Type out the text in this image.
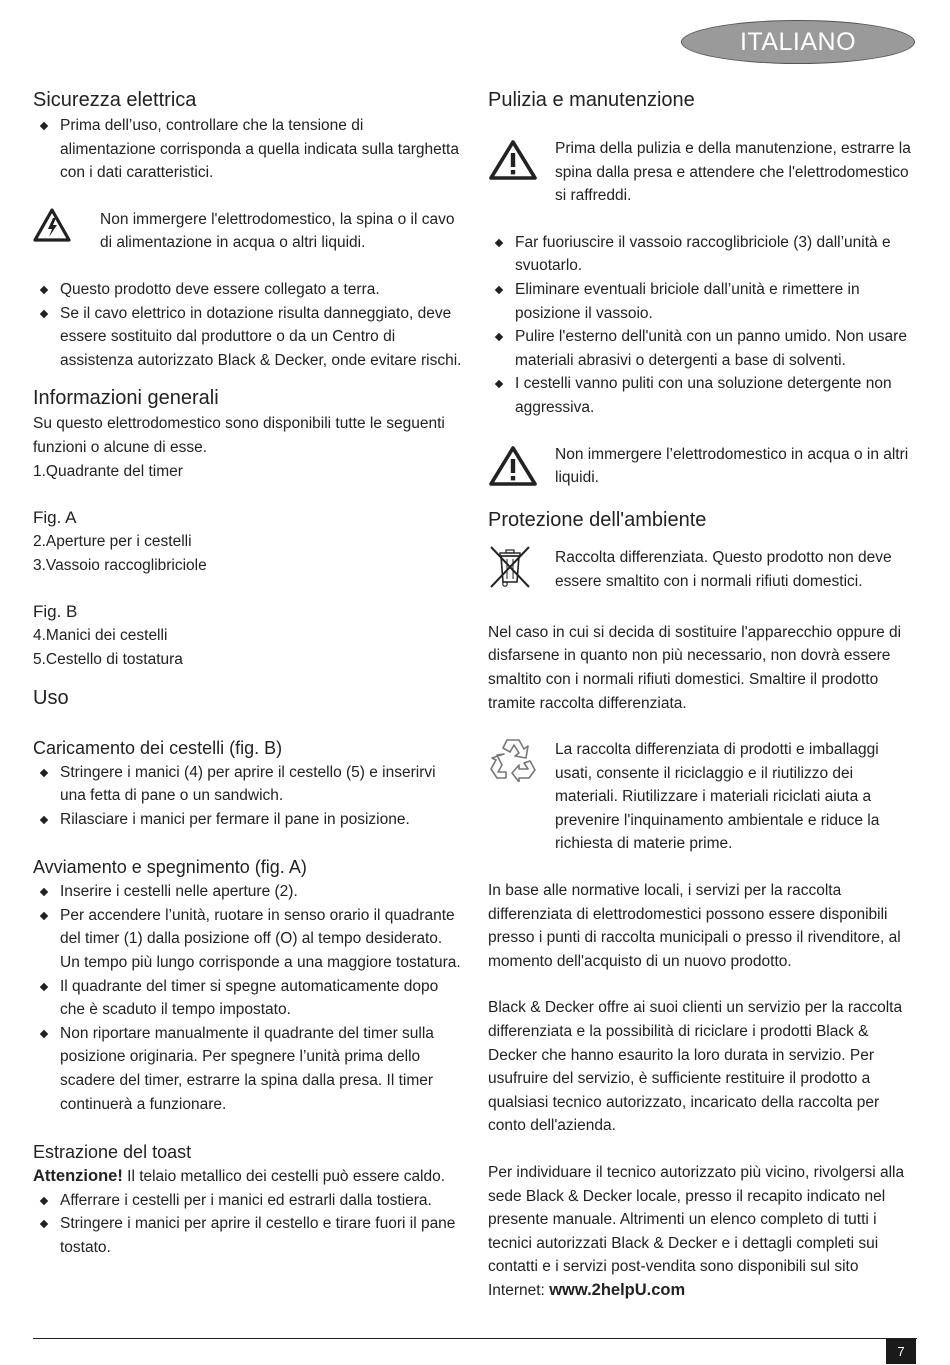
ITALIANO
Sicurezza elettrica
Prima dell’uso, controllare che la tensione di alimentazione corrisponda a quella indicata sulla targhetta con i dati caratteristici.
Non immergere l'elettrodomestico, la spina o il cavo di alimentazione in acqua o altri liquidi.
Questo prodotto deve essere collegato a terra.
Se il cavo elettrico in dotazione risulta danneggiato, deve essere sostituito dal produttore o da un Centro di assistenza autorizzato Black & Decker, onde evitare rischi.
Informazioni generali

Su questo elettrodomestico sono disponibili tutte le seguenti funzioni o alcune di esse.

1.Quadrante del timer

Fig. A

2.Aperture per i cestelli

3.Vassoio raccoglibriciole

Fig. B

4.Manici dei cestelli

5.Cestello di tostatura

Uso
Caricamento dei cestelli (fig. B)
Stringere i manici (4) per aprire il cestello (5) e inserirvi una fetta di pane o un sandwich.
Rilasciare i manici per fermare il pane in posizione.
Avviamento e spegnimento (fig. A)
Inserire i cestelli nelle aperture (2).
Per accendere l’unità, ruotare in senso orario il quadrante del timer (1) dalla posizione off (O) al tempo desiderato. Un tempo più lungo corrisponde a una maggiore tostatura.
Il quadrante del timer si spegne automaticamente dopo che è scaduto il tempo impostato.
Non riportare manualmente il quadrante del timer sulla posizione originaria. Per spegnere l’unità prima dello scadere del timer, estrarre la spina dalla presa. Il timer continuerà a funzionare.
Estrazione del toast

Attenzione! Il telaio metallico dei cestelli può essere caldo.

Afferrare i cestelli per i manici ed estrarli dalla tostiera.
Stringere i manici per aprire il cestello e tirare fuori il pane tostato.
Pulizia e manutenzione
Prima della pulizia e della manutenzione, estrarre la spina dalla presa e attendere che l'elettrodomestico si raffreddi.
Far fuoriuscire il vassoio raccoglibriciole (3) dall’unità e svuotarlo.
Eliminare eventuali briciole dall’unità e rimettere in posizione il vassoio.
Pulire l'esterno dell'unità con un panno umido. Non usare materiali abrasivi o detergenti a base di solventi.
I cestelli vanno puliti con una soluzione detergente non aggressiva.
Non immergere l’elettrodomestico in acqua o in altri liquidi.
Protezione dell'ambiente
Raccolta differenziata. Questo prodotto non deve essere smaltito con i normali rifiuti domestici.

Nel caso in cui si decida di sostituire l'apparecchio oppure di disfarsene in quanto non più necessario, non dovrà essere smaltito con i normali rifiuti domestici. Smaltire il prodotto tramite raccolta differenziata.

La raccolta differenziata di prodotti e imballaggi usati, consente il riciclaggio e il riutilizzo dei materiali. Riutilizzare i materiali riciclati aiuta a prevenire l'inquinamento ambientale e riduce la richiesta di materie prime.

In base alle normative locali, i servizi per la raccolta differenziata di elettrodomestici possono essere disponibili presso i punti di raccolta municipali o presso il rivenditore, al momento dell'acquisto di un nuovo prodotto.

Black & Decker offre ai suoi clienti un servizio per la raccolta differenziata e la possibilità di riciclare i prodotti Black & Decker che hanno esaurito la loro durata in servizio. Per usufruire del servizio, è sufficiente restituire il prodotto a qualsiasi tecnico autorizzato, incaricato della raccolta per conto dell'azienda.

Per individuare il tecnico autorizzato più vicino, rivolgersi alla sede Black & Decker locale, presso il recapito indicato nel presente manuale. Altrimenti un elenco completo di tutti i tecnici autorizzati Black & Decker e i dettagli completi sui contatti e i servizi post-vendita sono disponibili sul sito Internet: www.2helpU.com

7
